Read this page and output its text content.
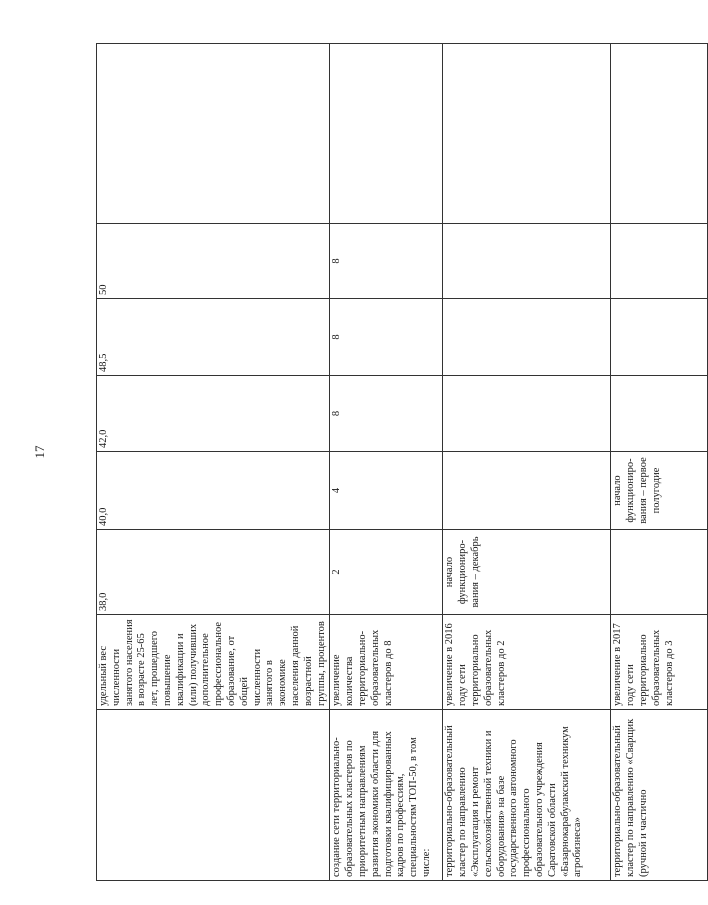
17
	удельный вес численности занятого населения в возрасте 25-65 лет, прошедшего повышение квалификации и (или) получивших дополнительное профессиональное образование, от общей численности занятого в экономике населения данной возрастной группы, процентов	38,0	40,0	42,0	48,5	50	
создание сети территориально-образовательных кластеров по приоритетным направлениям развития экономики области для подготовки квалифицированных кадров по профессиям, специальностям ТОП-50, в том числе:	увеличение количества территориально-образовательных кластеров до 8	2	4	8	8	8	
территориально-образовательный кластер по направлению «Эксплуатация и ремонт сельскохозяйственной техники и оборудования» на базе государственного автономного профессионального образовательного учреждения Саратовской области «Базарнокарабулакский техникум агробизнеса»	увеличение в 2016 году сети территориально образовательных кластеров до 2	начало функциониро-вания – декабрь					
территориально-образовательный кластер по направлению «Сварщик (ручной и частично	увеличение в 2017 году сети территориально образовательных кластеров до 3		начало функциониро-вания – первое полугодие				
